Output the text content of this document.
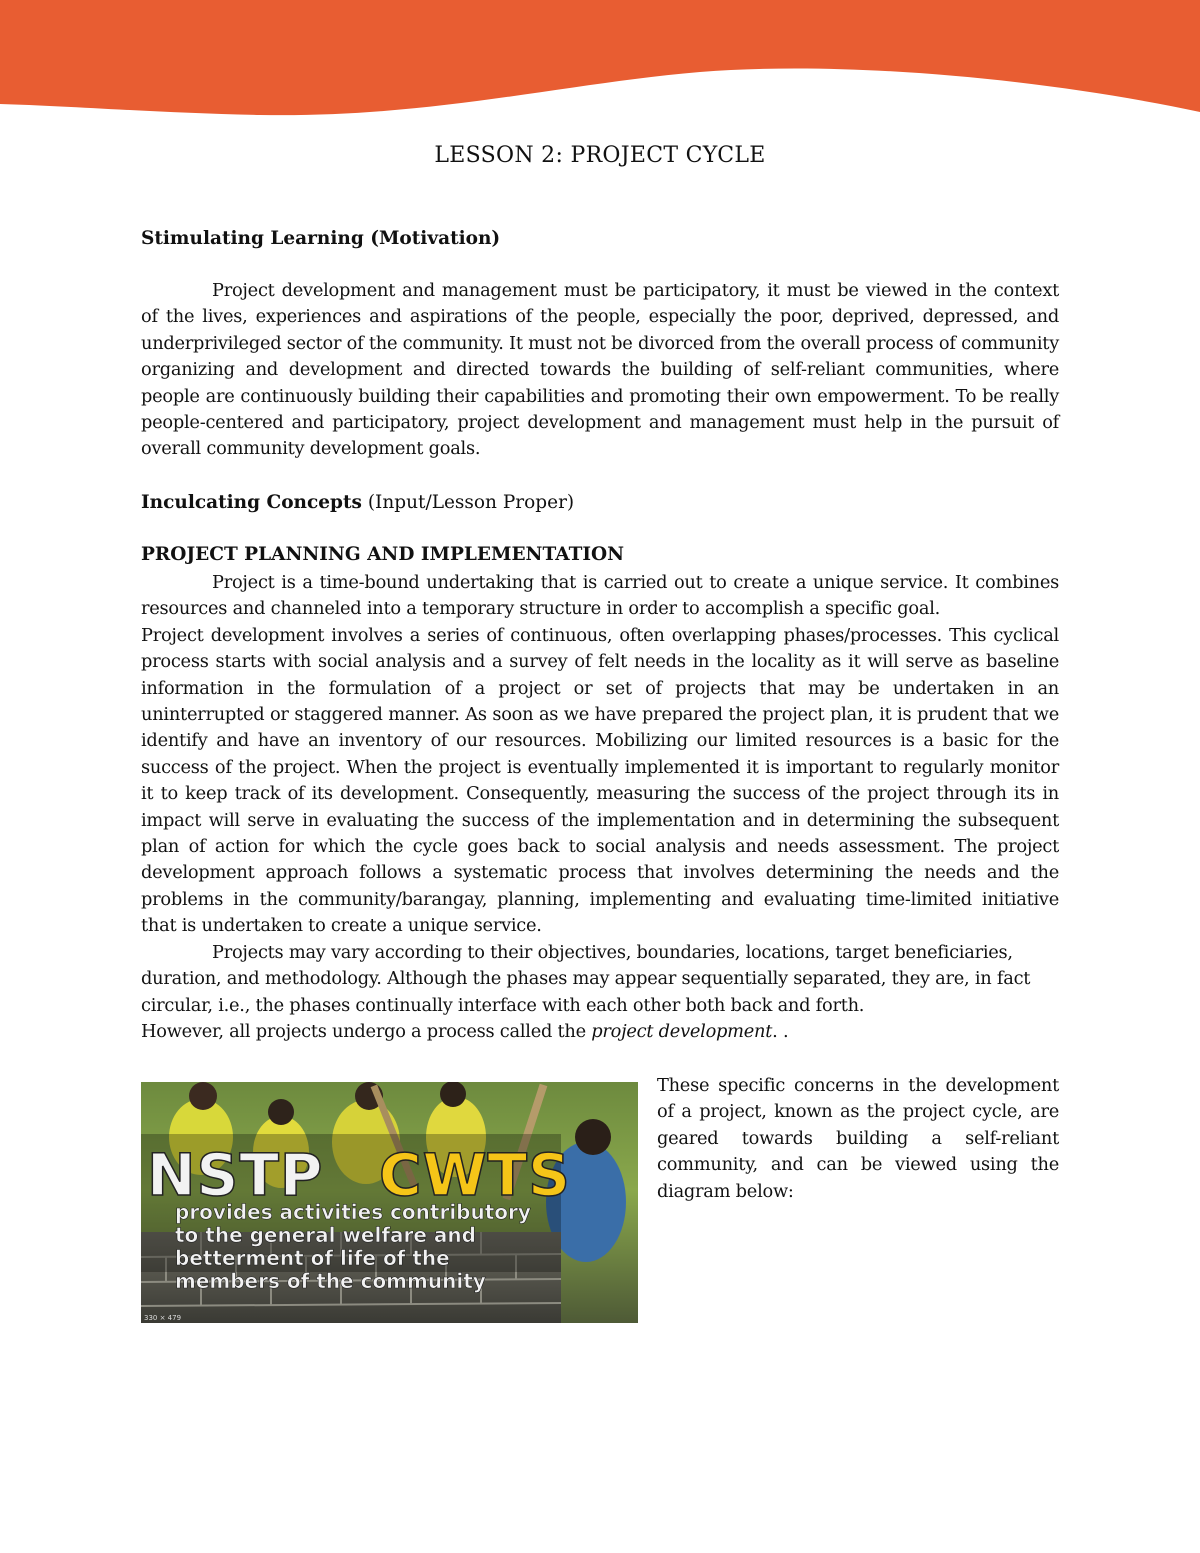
LESSON 2: PROJECT CYCLE
Stimulating Learning (Motivation)

Project development and management must be participatory, it must be viewed in the context of the lives, experiences and aspirations of the people, especially the poor, deprived, depressed, and underprivileged sector of the community. It must not be divorced from the overall process of community organizing and development and directed towards the building of self-reliant communities, where people are continuously building their capabilities and promoting their own empowerment. To be really people-centered and participatory, project development and management must help in the pursuit of overall community development goals.

Inculcating Concepts (Input/Lesson Proper)
PROJECT PLANNING AND IMPLEMENTATION

Project is a time-bound undertaking that is carried out to create a unique service. It combines resources and channeled into a temporary structure in order to accomplish a specific goal.

Project development involves a series of continuous, often overlapping phases/processes. This cyclical process starts with social analysis and a survey of felt needs in the locality as it will serve as baseline information in the formulation of a project or set of projects that may be undertaken in an uninterrupted or staggered manner. As soon as we have prepared the project plan, it is prudent that we identify and have an inventory of our resources. Mobilizing our limited resources is a basic for the success of the project. When the project is eventually implemented it is important to regularly monitor it to keep track of its development. Consequently, measuring the success of the project through its in impact will serve in evaluating the success of the implementation and in determining the subsequent plan of action for which the cycle goes back to social analysis and needs assessment. The project development approach follows a systematic process that involves determining the needs and the problems in the community/barangay, planning, implementing and evaluating time-limited initiative that is undertaken to create a unique service.

Projects may vary according to their objectives, boundaries, locations, target beneficiaries, duration, and methodology. Although the phases may appear sequentially separated, they are, in fact circular, i.e., the phases continually interface with each other both back and forth.

However, all projects undergo a process called the project development. .

NSTP CWTS
provides activities contributory
to the general welfare and
betterment of life of the
members of the community
330 × 479

These specific concerns in the development of a project, known as the project cycle, are geared towards building a self-reliant community, and can be viewed using the diagram below:
